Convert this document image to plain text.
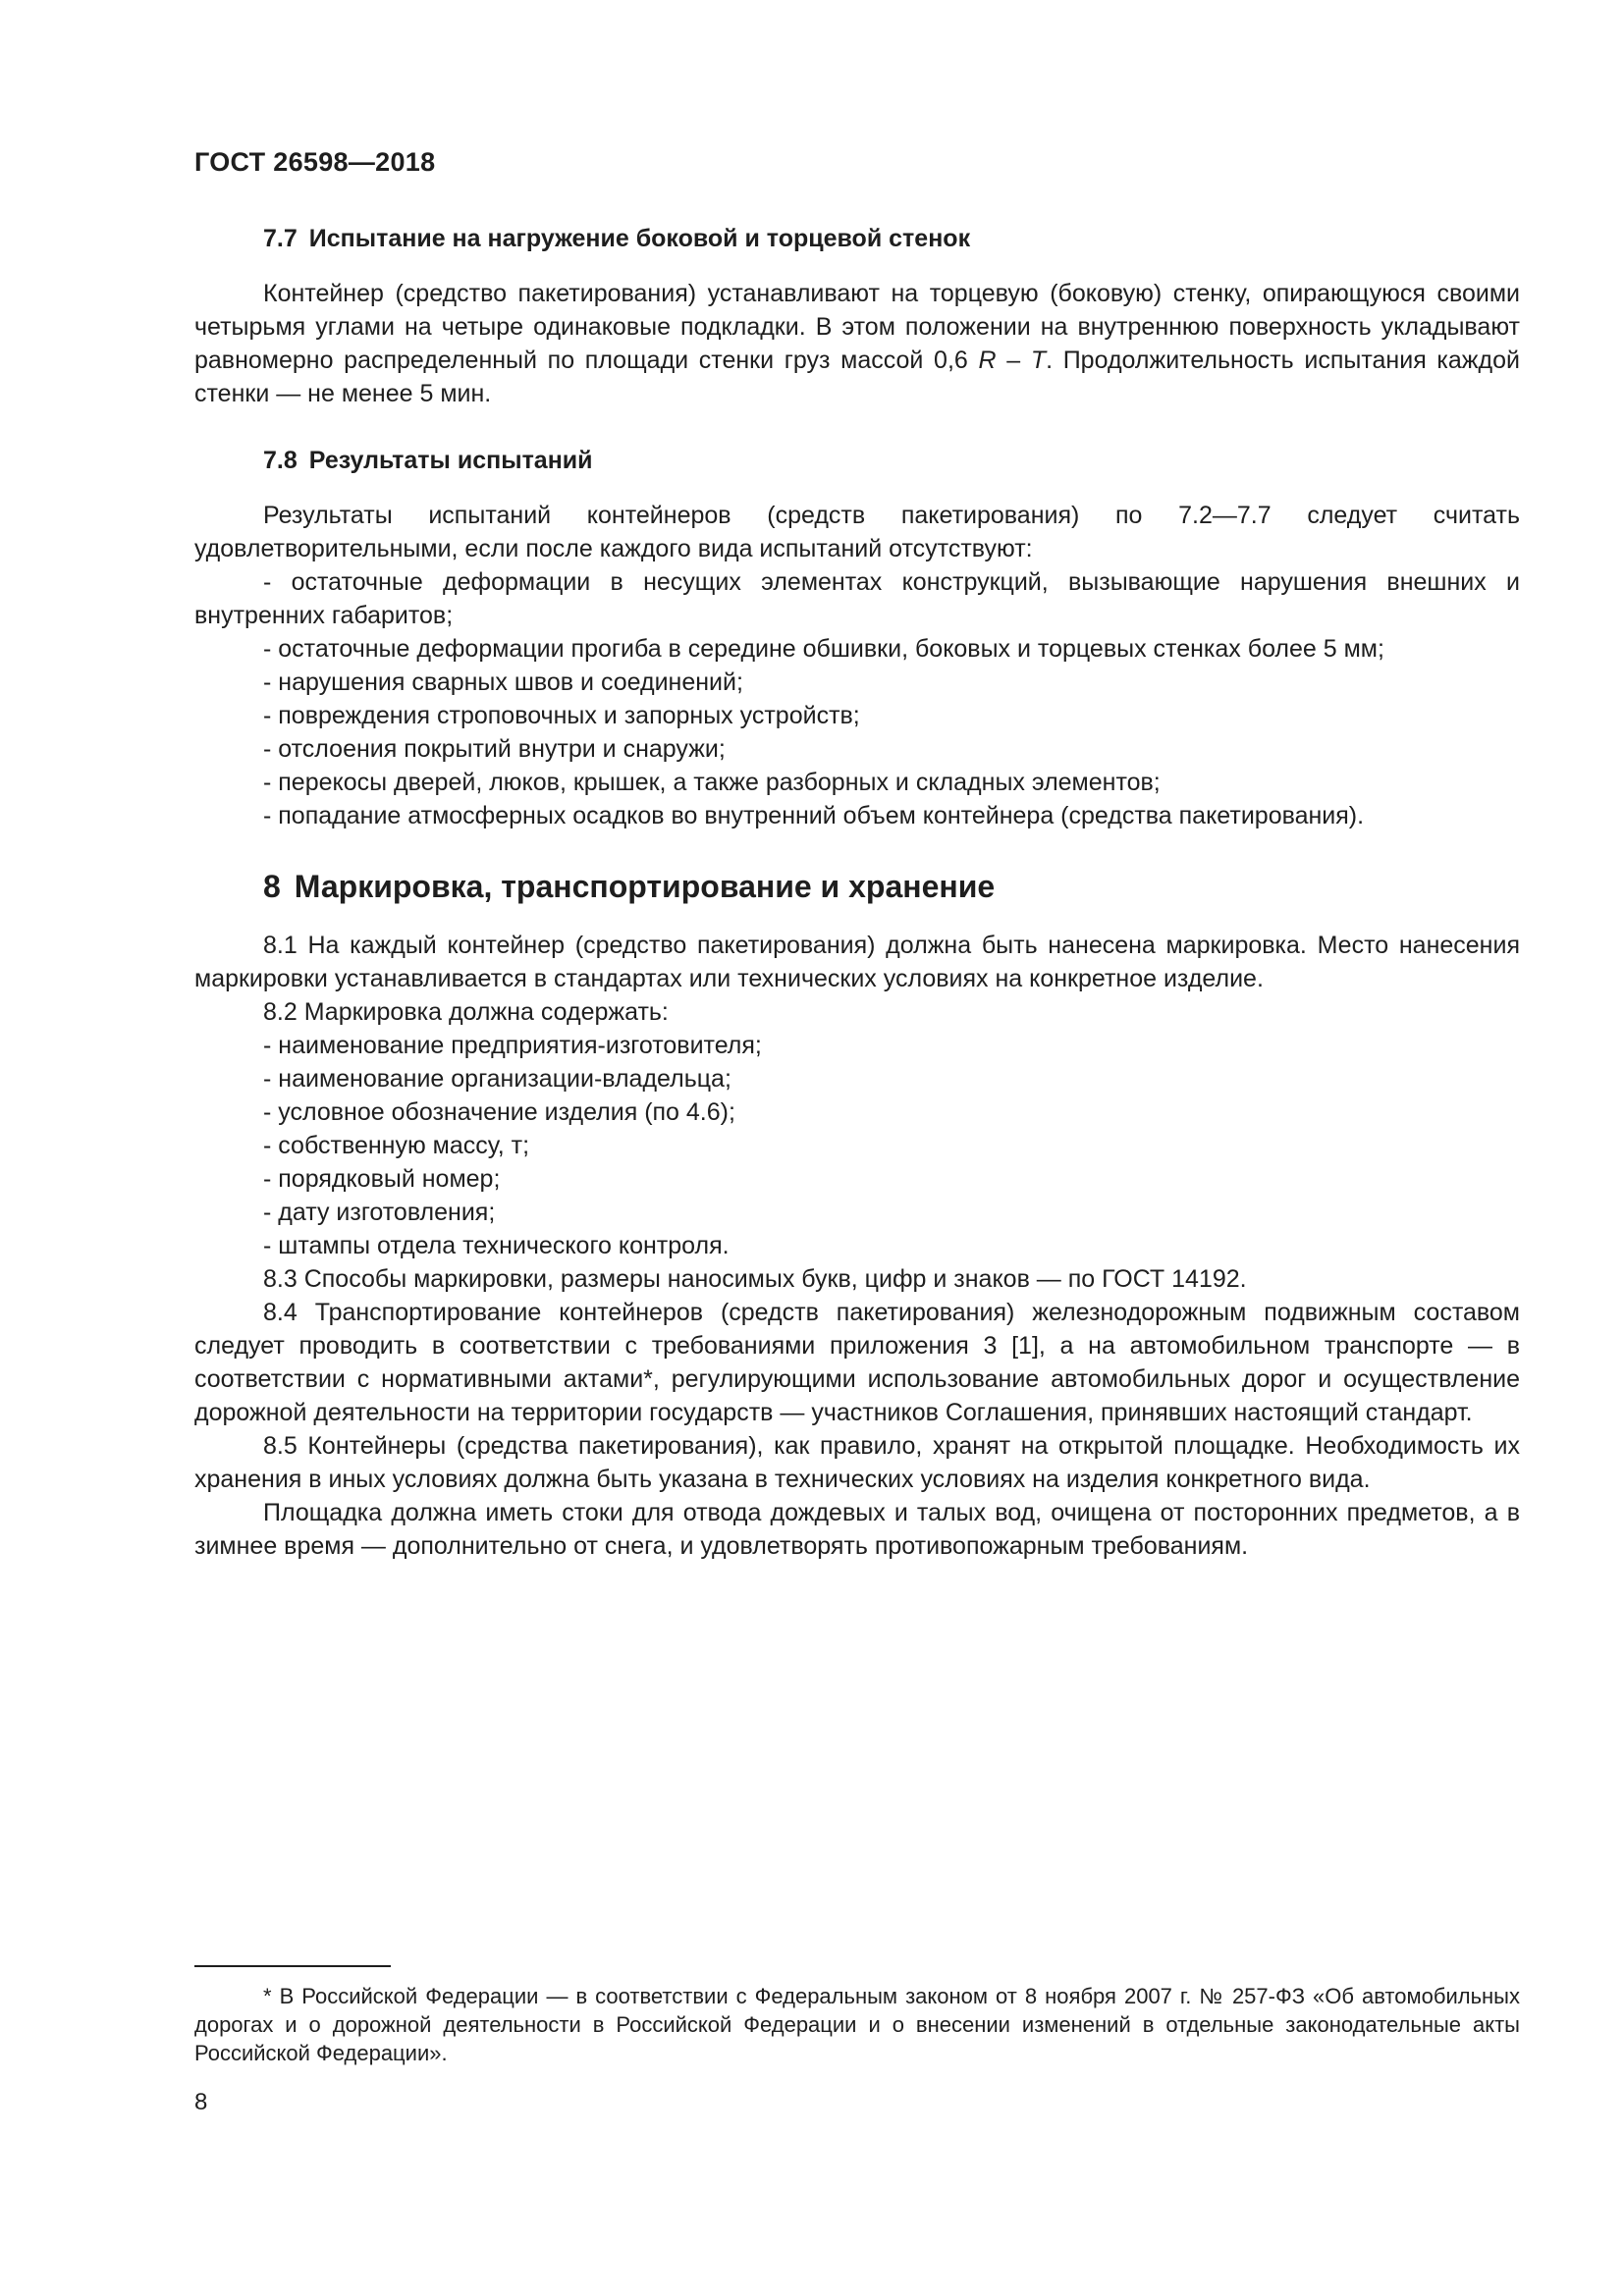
ГОСТ 26598—2018
7.7 Испытание на нагружение боковой и торцевой стенок

Контейнер (средство пакетирования) устанавливают на торцевую (боковую) стенку, опирающуюся своими четырьмя углами на четыре одинаковые подкладки. В этом положении на внутреннюю поверхность укладывают равномерно распределенный по площади стенки груз массой 0,6 R – T. Продолжительность испытания каждой стенки — не менее 5 мин.

7.8 Результаты испытаний

Результаты испытаний контейнеров (средств пакетирования) по 7.2—7.7 следует считать удовлетворительными, если после каждого вида испытаний отсутствуют:

- остаточные деформации в несущих элементах конструкций, вызывающие нарушения внешних и внутренних габаритов;

- остаточные деформации прогиба в середине обшивки, боковых и торцевых стенках более 5 мм;

- нарушения сварных швов и соединений;

- повреждения строповочных и запорных устройств;

- отслоения покрытий внутри и снаружи;

- перекосы дверей, люков, крышек, а также разборных и складных элементов;

- попадание атмосферных осадков во внутренний объем контейнера (средства пакетирования).

8 Маркировка, транспортирование и хранение

8.1 На каждый контейнер (средство пакетирования) должна быть нанесена маркировка. Место нанесения маркировки устанавливается в стандартах или технических условиях на конкретное изделие.

8.2 Маркировка должна содержать:

- наименование предприятия-изготовителя;

- наименование организации-владельца;

- условное обозначение изделия (по 4.6);

- собственную массу, т;

- порядковый номер;

- дату изготовления;

- штампы отдела технического контроля.

8.3 Способы маркировки, размеры наносимых букв, цифр и знаков — по ГОСТ 14192.

8.4 Транспортирование контейнеров (средств пакетирования) железнодорожным подвижным составом следует проводить в соответствии с требованиями приложения 3 [1], а на автомобильном транспорте — в соответствии с нормативными актами*, регулирующими использование автомобильных дорог и осуществление дорожной деятельности на территории государств — участников Соглашения, принявших настоящий стандарт.

8.5 Контейнеры (средства пакетирования), как правило, хранят на открытой площадке. Необходимость их хранения в иных условиях должна быть указана в технических условиях на изделия конкретного вида.

Площадка должна иметь стоки для отвода дождевых и талых вод, очищена от посторонних предметов, а в зимнее время — дополнительно от снега, и удовлетворять противопожарным требованиям.

* В Российской Федерации — в соответствии с Федеральным законом от 8 ноября 2007 г. № 257-ФЗ «Об автомобильных дорогах и о дорожной деятельности в Российской Федерации и о внесении изменений в отдельные законодательные акты Российской Федерации».

8
